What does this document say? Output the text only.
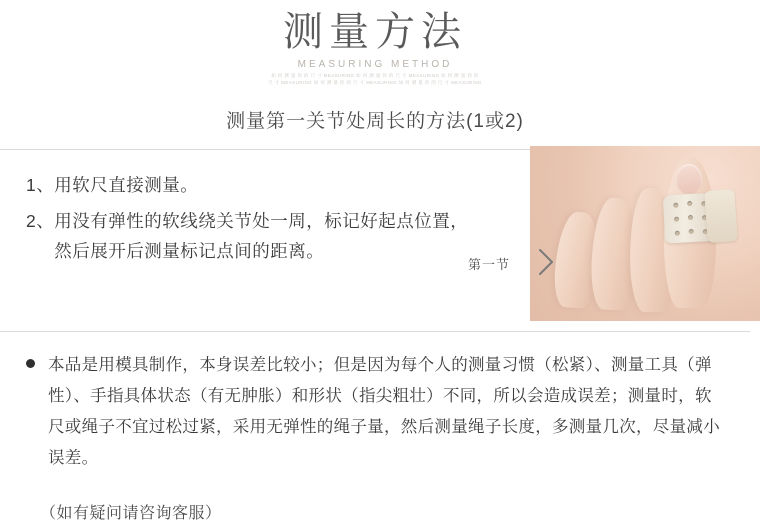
测量方法
MEASURING METHOD
如 何 测 量 你 的 尺 寸 MEASURING 如 何 测 量 你 的 尺 寸 MEASURING 如 何 测 量 你 的
尺 寸 MEASURING 如 何 测 量 你 的 尺 寸 MEASURING 如 何 测 量 你 的 尺 寸 MEASURING
测量第一关节处周长的方法(1或2)
1、 用软尺直接测量。
2、 用没有弹性的软线绕关节处一周，标记好起点位置，然后展开后测量标记点间的距离。
第一节
本品是用模具制作，本身误差比较小；但是因为每个人的测量习惯（松紧）、测量工具（弹性）、手指具体状态（有无肿胀）和形状（指尖粗壮）不同，所以会造成误差；测量时，软尺或绳子不宜过松过紧，采用无弹性的绳子量，然后测量绳子长度，多测量几次，尽量减小误差。
（如有疑问请咨询客服）
